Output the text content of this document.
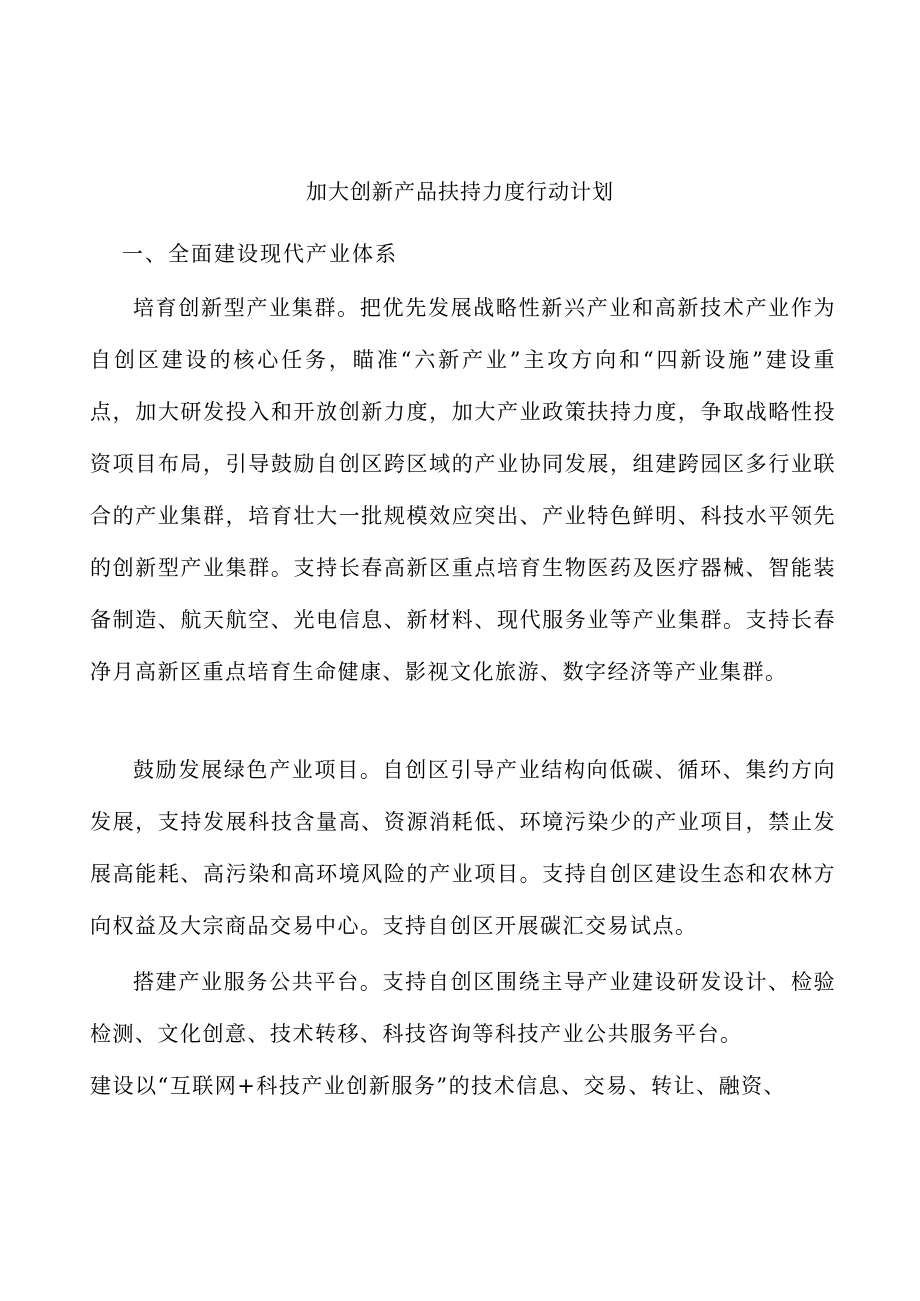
加大创新产品扶持力度行动计划
一、全面建设现代产业体系

培育创新型产业集群。把优先发展战略性新兴产业和高新技术产业作为自创区建设的核心任务，瞄准“六新产业”主攻方向和“四新设施”建设重点，加大研发投入和开放创新力度，加大产业政策扶持力度，争取战略性投资项目布局，引导鼓励自创区跨区域的产业协同发展，组建跨园区多行业联合的产业集群，培育壮大一批规模效应突出、产业特色鲜明、科技水平领先的创新型产业集群。支持长春高新区重点培育生物医药及医疗器械、智能装备制造、航天航空、光电信息、新材料、现代服务业等产业集群。支持长春净月高新区重点培育生命健康、影视文化旅游、数字经济等产业集群。

鼓励发展绿色产业项目。自创区引导产业结构向低碳、循环、集约方向发展，支持发展科技含量高、资源消耗低、环境污染少的产业项目，禁止发展高能耗、高污染和高环境风险的产业项目。支持自创区建设生态和农林方向权益及大宗商品交易中心。支持自创区开展碳汇交易试点。

搭建产业服务公共平台。支持自创区围绕主导产业建设研发设计、检验检测、文化创意、技术转移、科技咨询等科技产业公共服务平台。

建设以“互联网+科技产业创新服务”的技术信息、交易、转让、融资、
